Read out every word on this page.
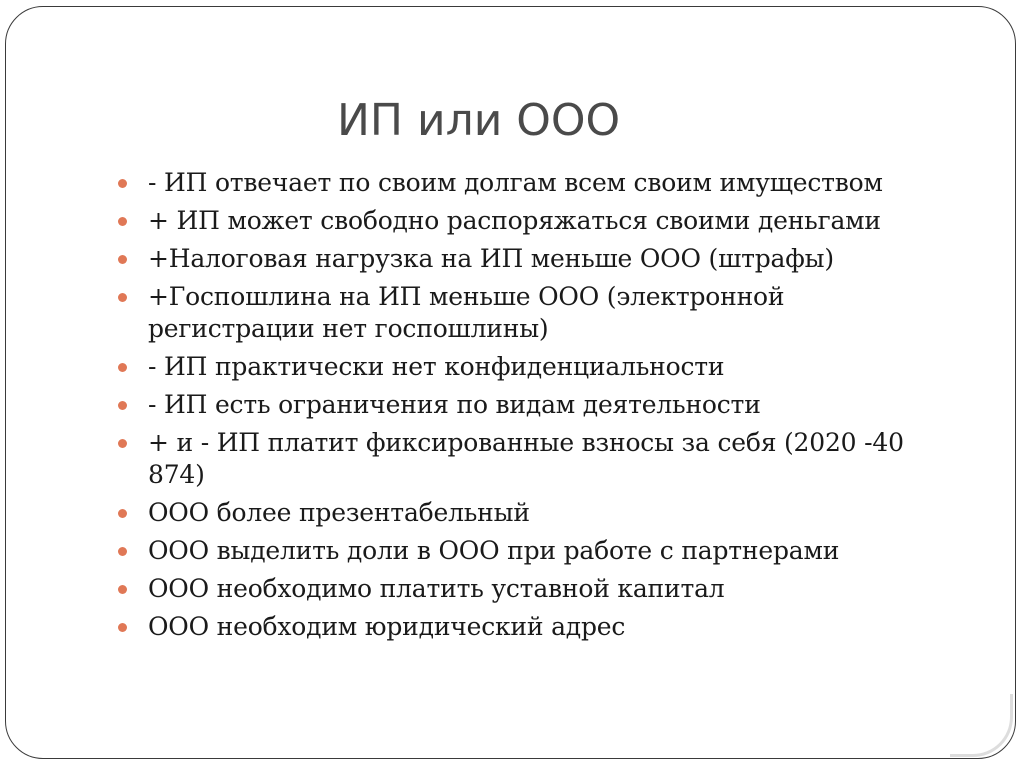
ИП или ООО
- ИП отвечает по своим долгам всем своим имуществом
+ ИП может свободно распоряжаться своими деньгами
+Налоговая нагрузка на ИП меньше ООО (штрафы)
+Госпошлина на ИП меньше ООО (электронной регистрации нет госпошлины)
- ИП практически нет конфиденциальности
- ИП есть ограничения по видам деятельности
+ и - ИП платит фиксированные взносы за себя (2020 -40 874)
ООО более презентабельный
ООО выделить доли в ООО при работе с партнерами
ООО необходимо платить уставной капитал
ООО необходим юридический адрес
